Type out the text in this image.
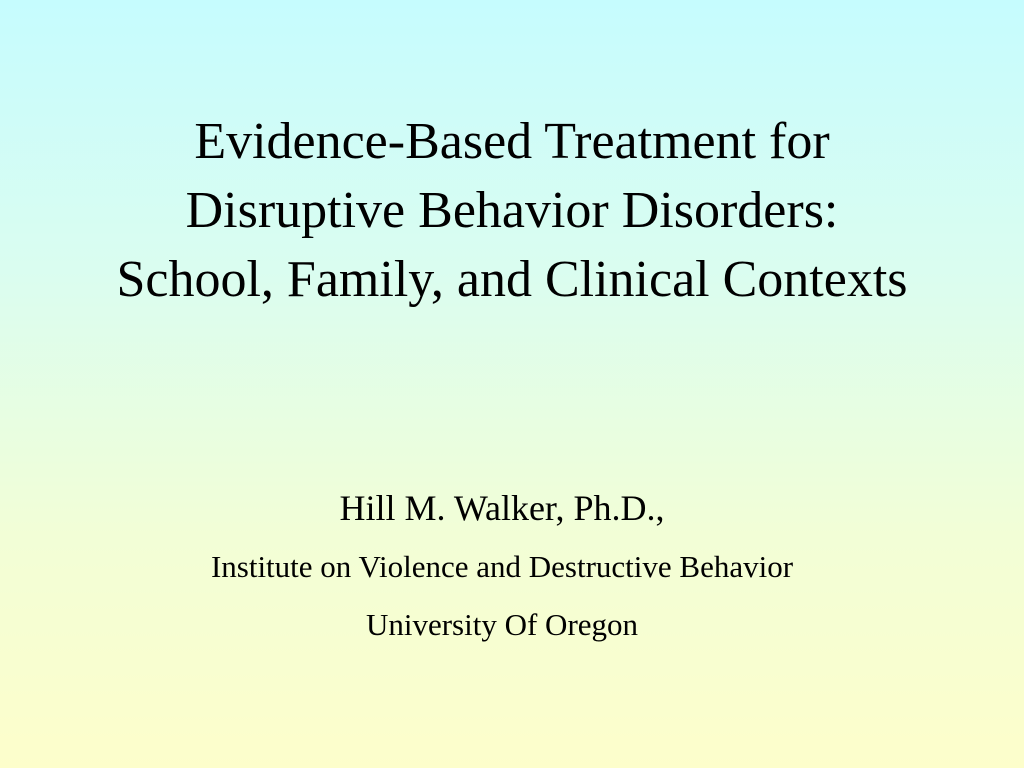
Evidence-Based Treatment for
Disruptive Behavior Disorders:
School, Family, and Clinical Contexts
Hill M. Walker, Ph.D.,
Institute on Violence and Destructive Behavior
University Of Oregon
